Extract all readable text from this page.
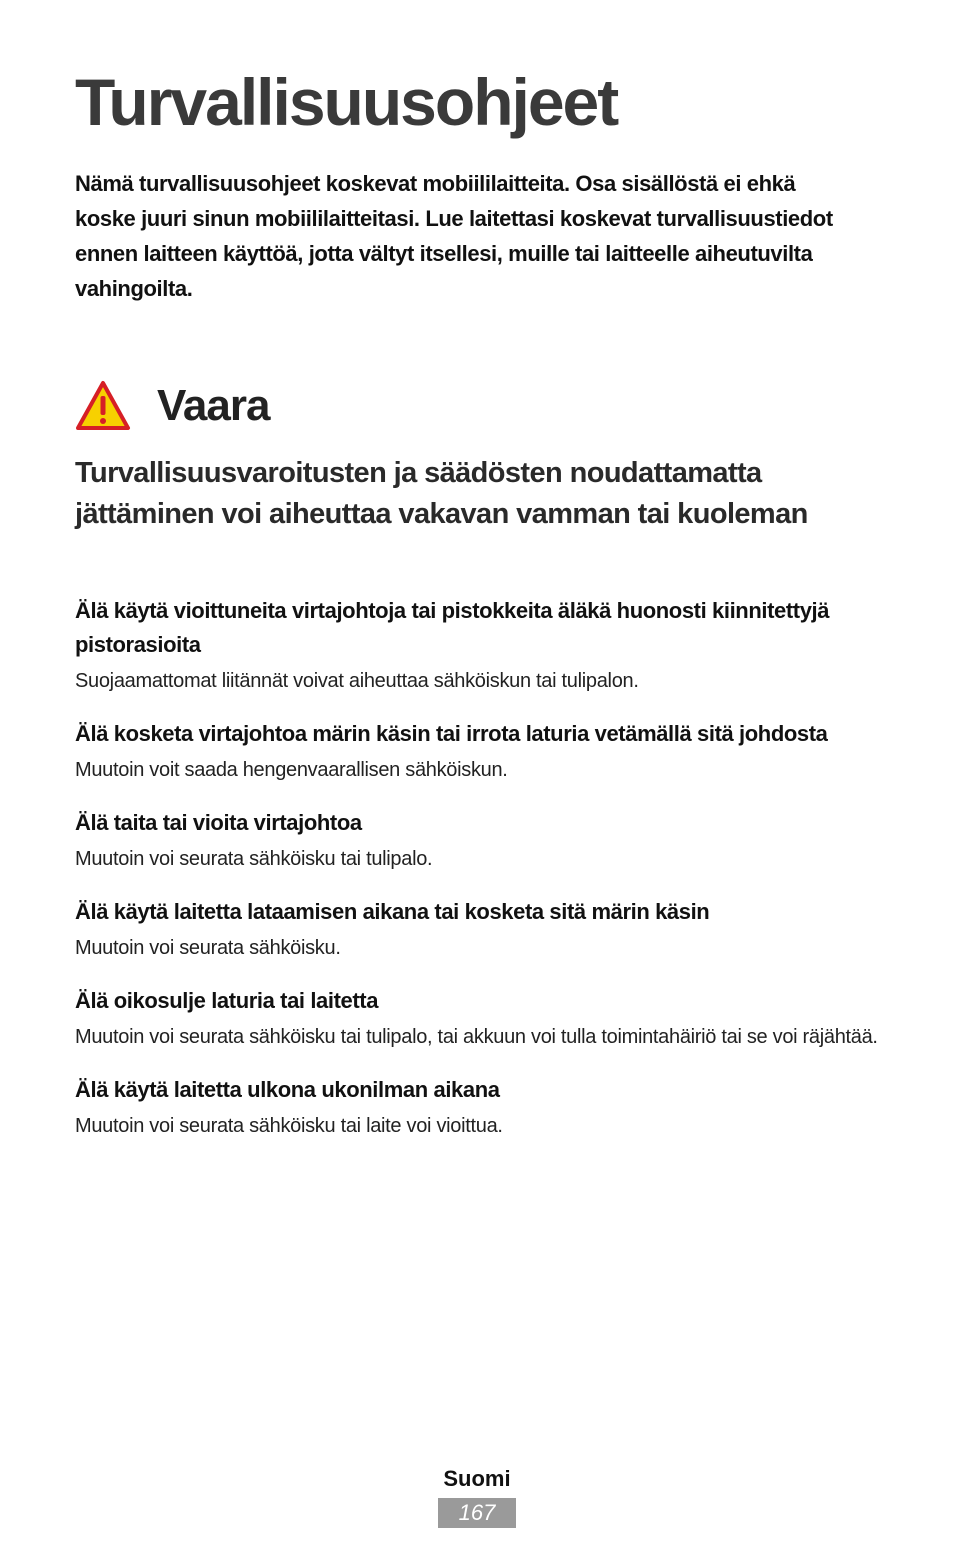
Turvallisuusohjeet

Nämä turvallisuusohjeet koskevat mobiililaitteita. Osa sisällöstä ei ehkä koske juuri sinun mobiililaitteitasi. Lue laitettasi koskevat turvallisuustiedot ennen laitteen käyttöä, jotta vältyt itsellesi, muille tai laitteelle aiheutuvilta vahingoilta.

Vaara
Turvallisuusvaroitusten ja säädösten noudattamatta jättäminen voi aiheuttaa vakavan vamman tai kuoleman

Älä käytä vioittuneita virtajohtoja tai pistokkeita äläkä huonosti kiinnitettyjä pistorasioita

Suojaamattomat liitännät voivat aiheuttaa sähköiskun tai tulipalon.

Älä kosketa virtajohtoa märin käsin tai irrota laturia vetämällä sitä johdosta

Muutoin voit saada hengenvaarallisen sähköiskun.

Älä taita tai vioita virtajohtoa

Muutoin voi seurata sähköisku tai tulipalo.

Älä käytä laitetta lataamisen aikana tai kosketa sitä märin käsin

Muutoin voi seurata sähköisku.

Älä oikosulje laturia tai laitetta

Muutoin voi seurata sähköisku tai tulipalo, tai akkuun voi tulla toimintahäiriö tai se voi räjähtää.

Älä käytä laitetta ulkona ukonilman aikana

Muutoin voi seurata sähköisku tai laite voi vioittua.

Suomi

167
